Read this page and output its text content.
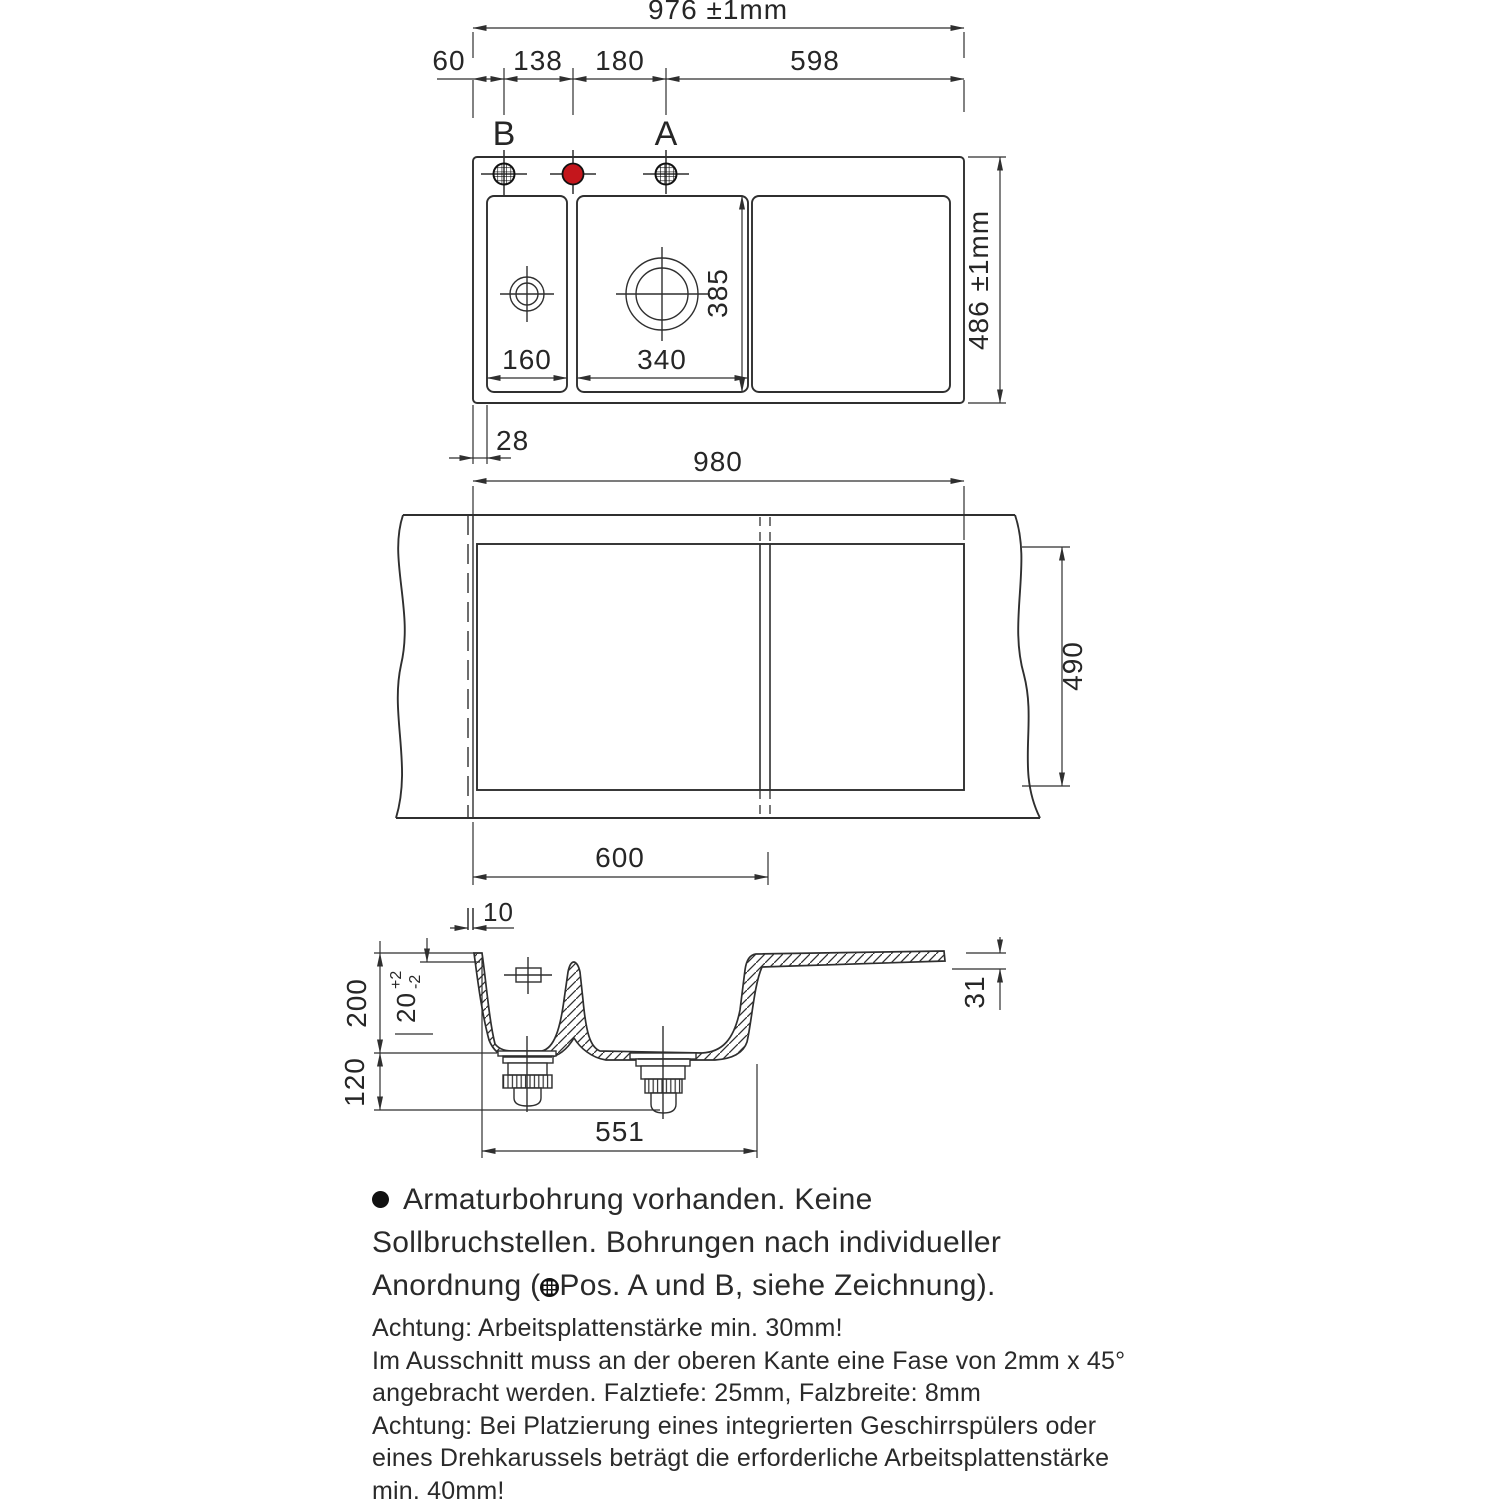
976 ±1mm
60 138 180	598
B	A
486 ±1mm
385
160	340
28
980
490
600
10
200
120
20
+2 -2	31
551
Armaturbohrung vorhanden. Keine
Sollbruchstellen. Bohrungen nach individueller
Anordnung ( Pos. A und B, siehe Zeichnung).
Achtung: Arbeitsplattenstärke min. 30mm!
Im Ausschnitt muss an der oberen Kante eine Fase von 2mm x 45°
angebracht werden. Falztiefe: 25mm, Falzbreite: 8mm
Achtung: Bei Platzierung eines integrierten Geschirrspülers oder
eines Drehkarussels beträgt die erforderliche Arbeitsplattenstärke
min. 40mm!
